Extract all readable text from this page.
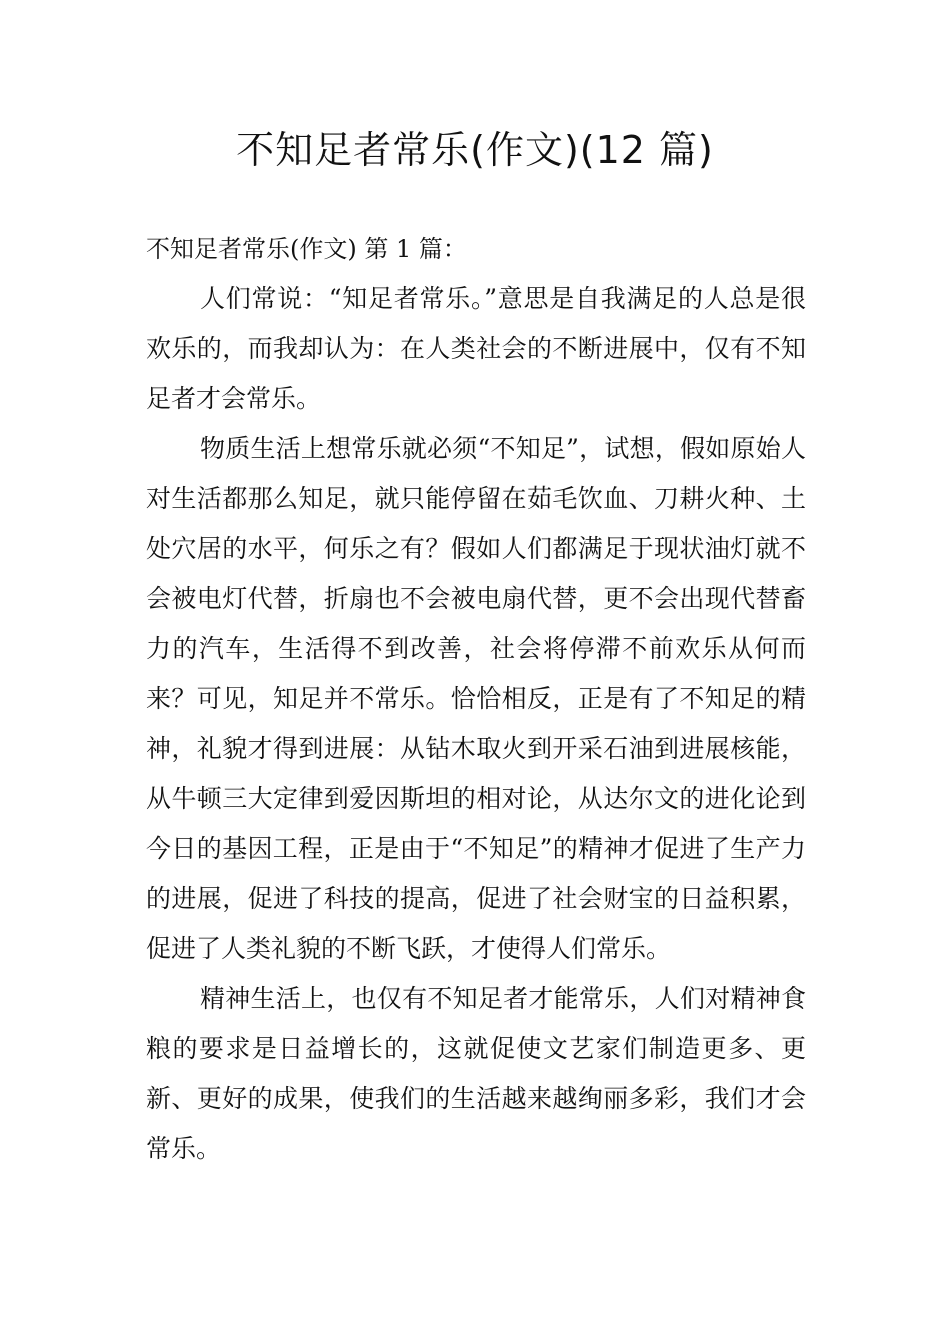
不知足者常乐(作文)(12 篇)

不知足者常乐(作文) 第 1 篇：

人们常说：“知足者常乐。”意思是自我满足的人总是很欢乐的，而我却认为：在人类社会的不断进展中，仅有不知足者才会常乐。

物质生活上想常乐就必须“不知足”，试想，假如原始人对生活都那么知足，就只能停留在茹毛饮血、刀耕火种、土处穴居的水平，何乐之有？假如人们都满足于现状油灯就不会被电灯代替，折扇也不会被电扇代替，更不会出现代替畜力的汽车，生活得不到改善，社会将停滞不前欢乐从何而来？可见，知足并不常乐。恰恰相反，正是有了不知足的精神，礼貌才得到进展：从钻木取火到开采石油到进展核能，从牛顿三大定律到爱因斯坦的相对论，从达尔文的进化论到今日的基因工程，正是由于“不知足”的精神才促进了生产力的进展，促进了科技的提高，促进了社会财宝的日益积累，促进了人类礼貌的不断飞跃，才使得人们常乐。

精神生活上，也仅有不知足者才能常乐，人们对精神食粮的要求是日益增长的，这就促使文艺家们制造更多、更新、更好的成果，使我们的生活越来越绚丽多彩，我们才会常乐。
